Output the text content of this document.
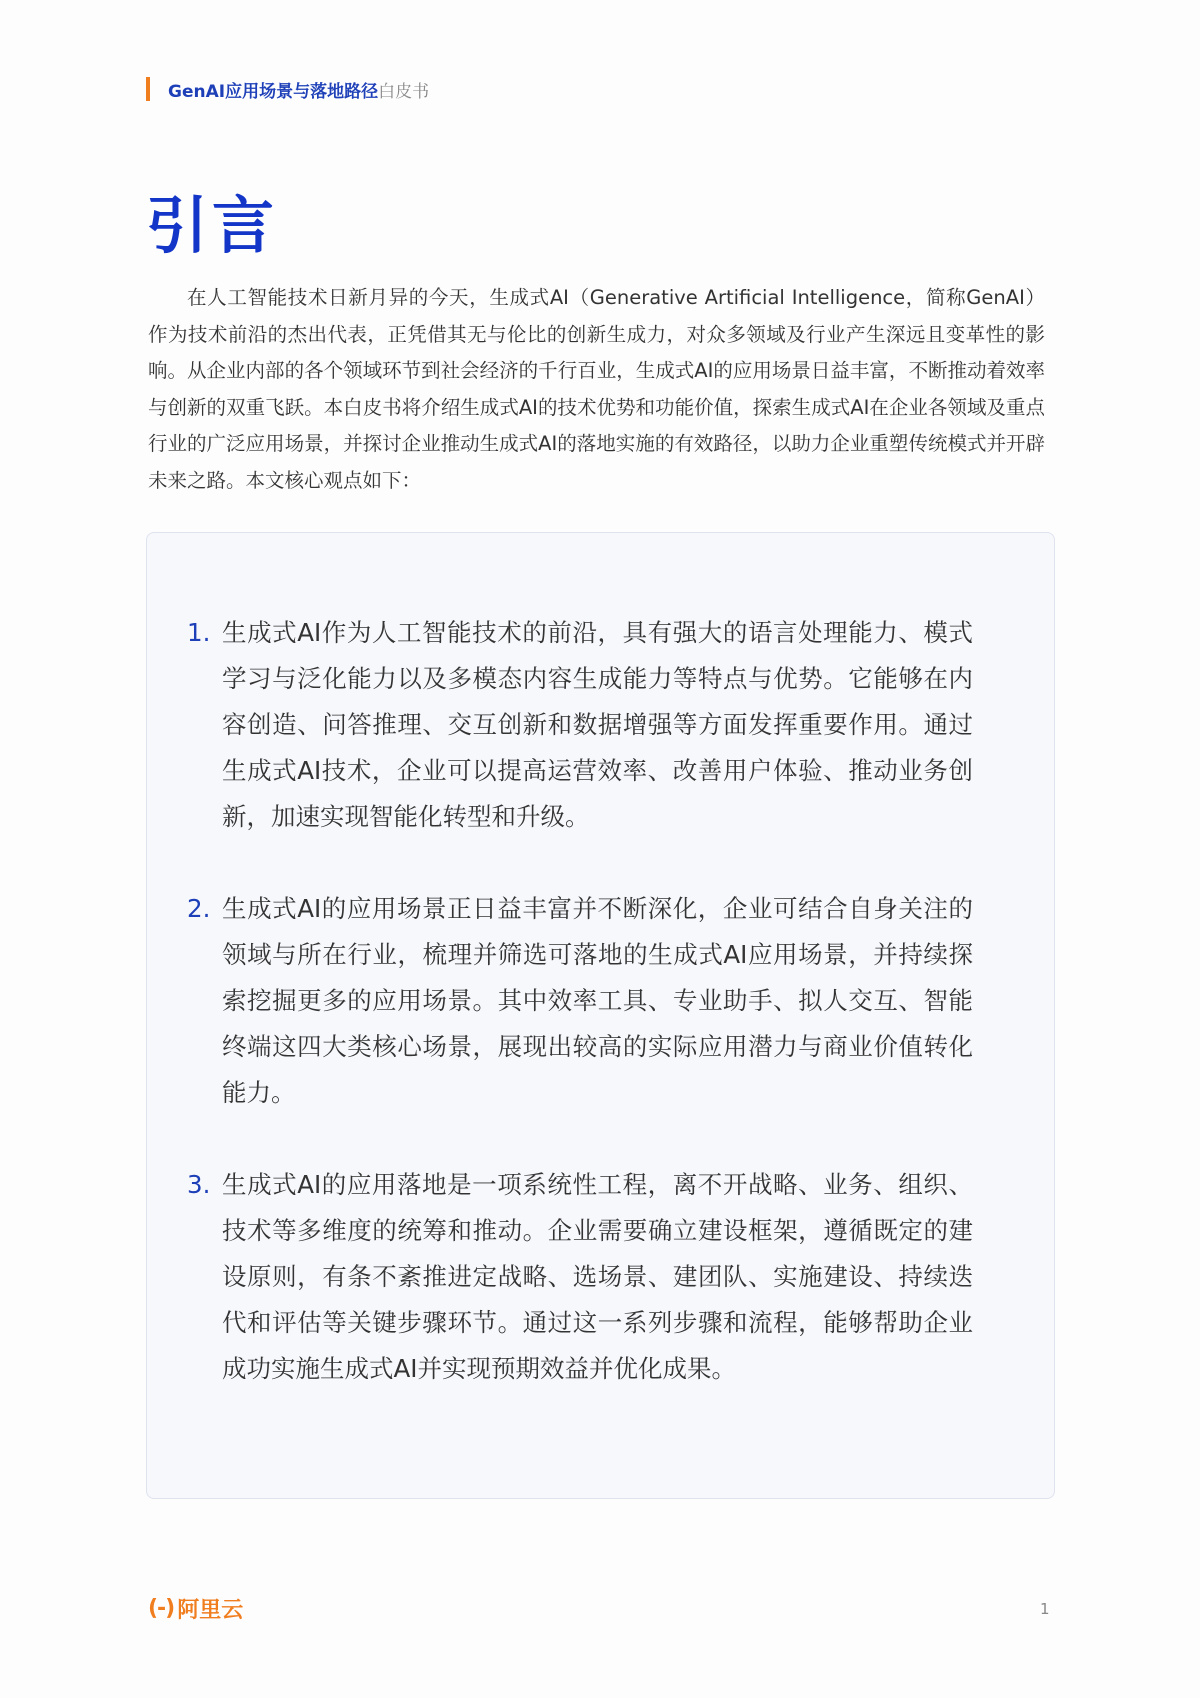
GenAI应用场景与落地路径 白皮书
引言

在人工智能技术日新月异的今天，生成式AI（Generative Artificial Intelligence，简称GenAI）作为技术前沿的杰出代表，正凭借其无与伦比的创新生成力，对众多领域及行业产生深远且变革性的影响。从企业内部的各个领域环节到社会经济的千行百业，生成式AI的应用场景日益丰富，不断推动着效率与创新的双重飞跃。本白皮书将介绍生成式AI的技术优势和功能价值，探索生成式AI在企业各领域及重点行业的广泛应用场景，并探讨企业推动生成式AI的落地实施的有效路径，以助力企业重塑传统模式并开辟未来之路。本文核心观点如下：

1. 生成式AI作为人工智能技术的前沿，具有强大的语言处理能力、模式学习与泛化能力以及多模态内容生成能力等特点与优势。它能够在内容创造、问答推理、交互创新和数据增强等方面发挥重要作用。通过生成式AI技术，企业可以提高运营效率、改善用户体验、推动业务创新，加速实现智能化转型和升级。
2. 生成式AI的应用场景正日益丰富并不断深化，企业可结合自身关注的领域与所在行业，梳理并筛选可落地的生成式AI应用场景，并持续探索挖掘更多的应用场景。其中效率工具、专业助手、拟人交互、智能终端这四大类核心场景，展现出较高的实际应用潜力与商业价值转化能力。
3. 生成式AI的应用落地是一项系统性工程，离不开战略、业务、组织、技术等多维度的统筹和推动。企业需要确立建设框架，遵循既定的建设原则，有条不紊推进定战略、选场景、建团队、实施建设、持续迭代和评估等关键步骤环节。通过这一系列步骤和流程，能够帮助企业成功实施生成式AI并实现预期效益并优化成果。
(-) 阿里云	1
